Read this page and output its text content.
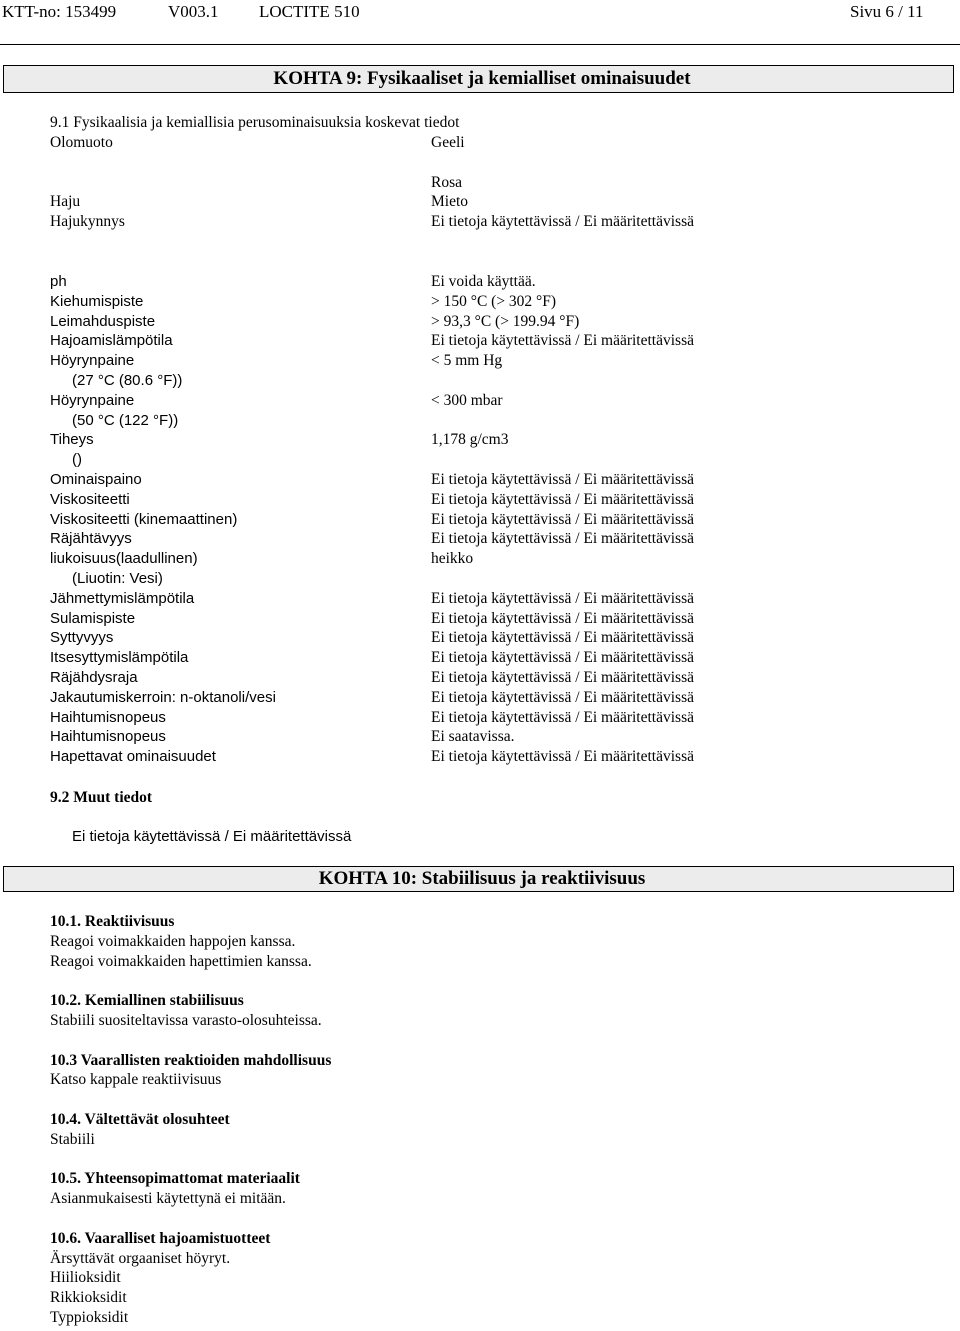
KTT-no: 153499	V003.1 LOCTITE 510	Sivu 6 / 11
KOHTA 9: Fysikaaliset ja kemialliset ominaisuudet
9.1 Fysikaalisia ja kemiallisia perusominaisuuksia koskevat tiedot
Olomuoto	Geeli
Rosa
Haju	Mieto
Hajukynnys	Ei tietoja käytettävissä / Ei määritettävissä
ph	Ei voida käyttää.
Kiehumispiste	> 150 °C (> 302 °F)
Leimahduspiste	> 93,3 °C (> 199.94 °F)
Hajoamislämpötila	Ei tietoja käytettävissä / Ei määritettävissä
Höyrynpaine	< 5 mm Hg
(27 °C (80.6 °F))
Höyrynpaine	< 300 mbar
(50 °C (122 °F))
Tiheys	1,178 g/cm3
()
Ominaispaino	Ei tietoja käytettävissä / Ei määritettävissä
Viskositeetti	Ei tietoja käytettävissä / Ei määritettävissä
Viskositeetti (kinemaattinen)	Ei tietoja käytettävissä / Ei määritettävissä
Räjähtävyys	Ei tietoja käytettävissä / Ei määritettävissä
liukoisuus(laadullinen)	heikko
(Liuotin: Vesi)
Jähmettymislämpötila	Ei tietoja käytettävissä / Ei määritettävissä
Sulamispiste	Ei tietoja käytettävissä / Ei määritettävissä
Syttyvyys	Ei tietoja käytettävissä / Ei määritettävissä
Itsesyttymislämpötila	Ei tietoja käytettävissä / Ei määritettävissä
Räjähdysraja	Ei tietoja käytettävissä / Ei määritettävissä
Jakautumiskerroin: n-oktanoli/vesi	Ei tietoja käytettävissä / Ei määritettävissä
Haihtumisnopeus	Ei tietoja käytettävissä / Ei määritettävissä
Haihtumisnopeus	Ei saatavissa.
Hapettavat ominaisuudet	Ei tietoja käytettävissä / Ei määritettävissä
9.2 Muut tiedot
Ei tietoja käytettävissä / Ei määritettävissä
KOHTA 10: Stabiilisuus ja reaktiivisuus
10.1. Reaktiivisuus
Reagoi voimakkaiden happojen kanssa.
Reagoi voimakkaiden hapettimien kanssa.
10.2. Kemiallinen stabiilisuus
Stabiili suositeltavissa varasto-olosuhteissa.
10.3 Vaarallisten reaktioiden mahdollisuus
Katso kappale reaktiivisuus
10.4. Vältettävät olosuhteet
Stabiili
10.5. Yhteensopimattomat materiaalit
Asianmukaisesti käytettynä ei mitään.
10.6. Vaaralliset hajoamistuotteet
Ärsyttävät orgaaniset höyryt.
Hiilioksidit
Rikkioksidit
Typpioksidit
